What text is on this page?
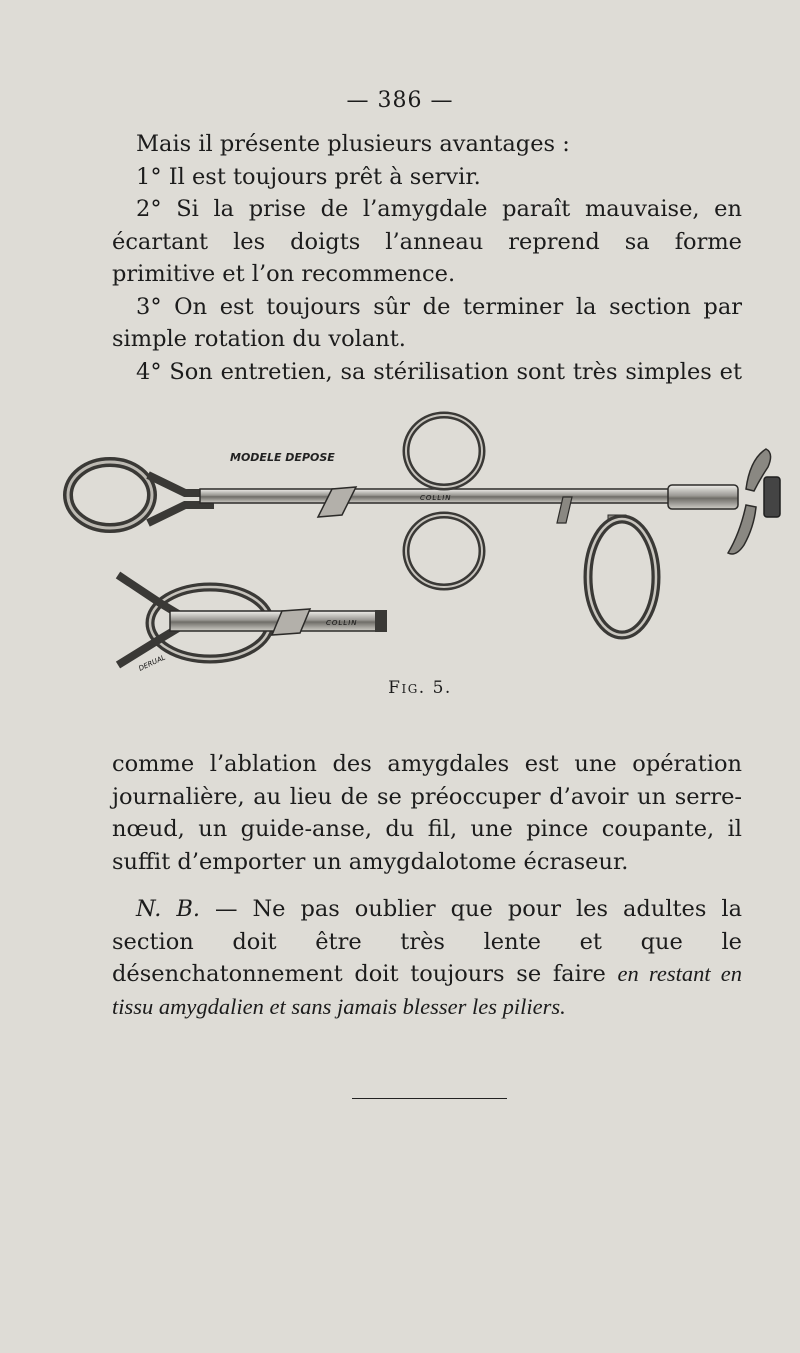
— 386 —

Mais il présente plusieurs avantages :

1° Il est toujours prêt à servir.

2° Si la prise de l’amygdale paraît mauvaise, en écartant les doigts l’anneau reprend sa forme primitive et l’on recommence.

3° On est toujours sûr de terminer la section par simple rotation du volant.

4° Son entretien, sa stérilisation sont très simples et

MODELE DEPOSE
COLLIN
COLLIN
DERUAL
Fig. 5.

comme l’ablation des amygdales est une opération journalière, au lieu de se préoccuper d’avoir un serre-nœud, un guide-anse, du fil, une pince coupante, il suffit d’emporter un amygdalotome écraseur.

N. B. — Ne pas oublier que pour les adultes la section doit être très lente et que le désenchatonnement doit toujours se faire en restant en tissu amygdalien et sans jamais blesser les piliers.
